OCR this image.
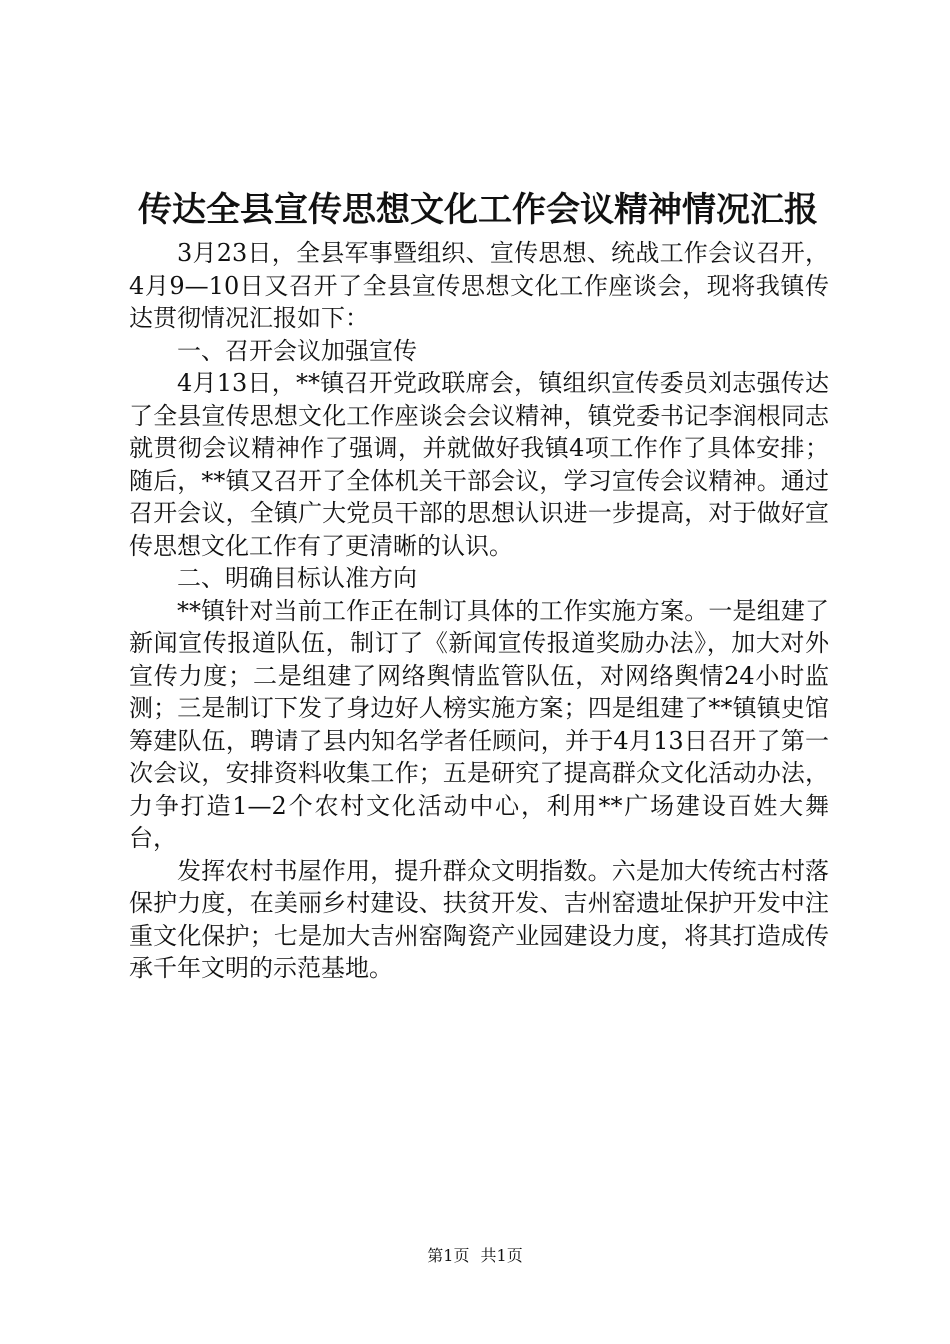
传达全县宣传思想文化工作会议精神情况汇报

3月23日，全县军事暨组织、宣传思想、统战工作会议召开，4月9—10日又召开了全县宣传思想文化工作座谈会，现将我镇传达贯彻情况汇报如下：

一、召开会议加强宣传

4月13日，**镇召开党政联席会，镇组织宣传委员刘志强传达了全县宣传思想文化工作座谈会会议精神，镇党委书记李润根同志就贯彻会议精神作了强调，并就做好我镇4项工作作了具体安排；随后，**镇又召开了全体机关干部会议，学习宣传会议精神。通过召开会议，全镇广大党员干部的思想认识进一步提高，对于做好宣传思想文化工作有了更清晰的认识。

二、明确目标认准方向

**镇针对当前工作正在制订具体的工作实施方案。一是组建了新闻宣传报道队伍，制订了《新闻宣传报道奖励办法》，加大对外宣传力度；二是组建了网络舆情监管队伍，对网络舆情24小时监测；三是制订下发了身边好人榜实施方案；四是组建了**镇镇史馆筹建队伍，聘请了县内知名学者任顾问，并于4月13日召开了第一次会议，安排资料收集工作；五是研究了提高群众文化活动办法，力争打造1—2个农村文化活动中心，利用**广场建设百姓大舞台，

发挥农村书屋作用，提升群众文明指数。六是加大传统古村落保护力度，在美丽乡村建设、扶贫开发、吉州窑遗址保护开发中注重文化保护；七是加大吉州窑陶瓷产业园建设力度，将其打造成传承千年文明的示范基地。

第1页 共1页
